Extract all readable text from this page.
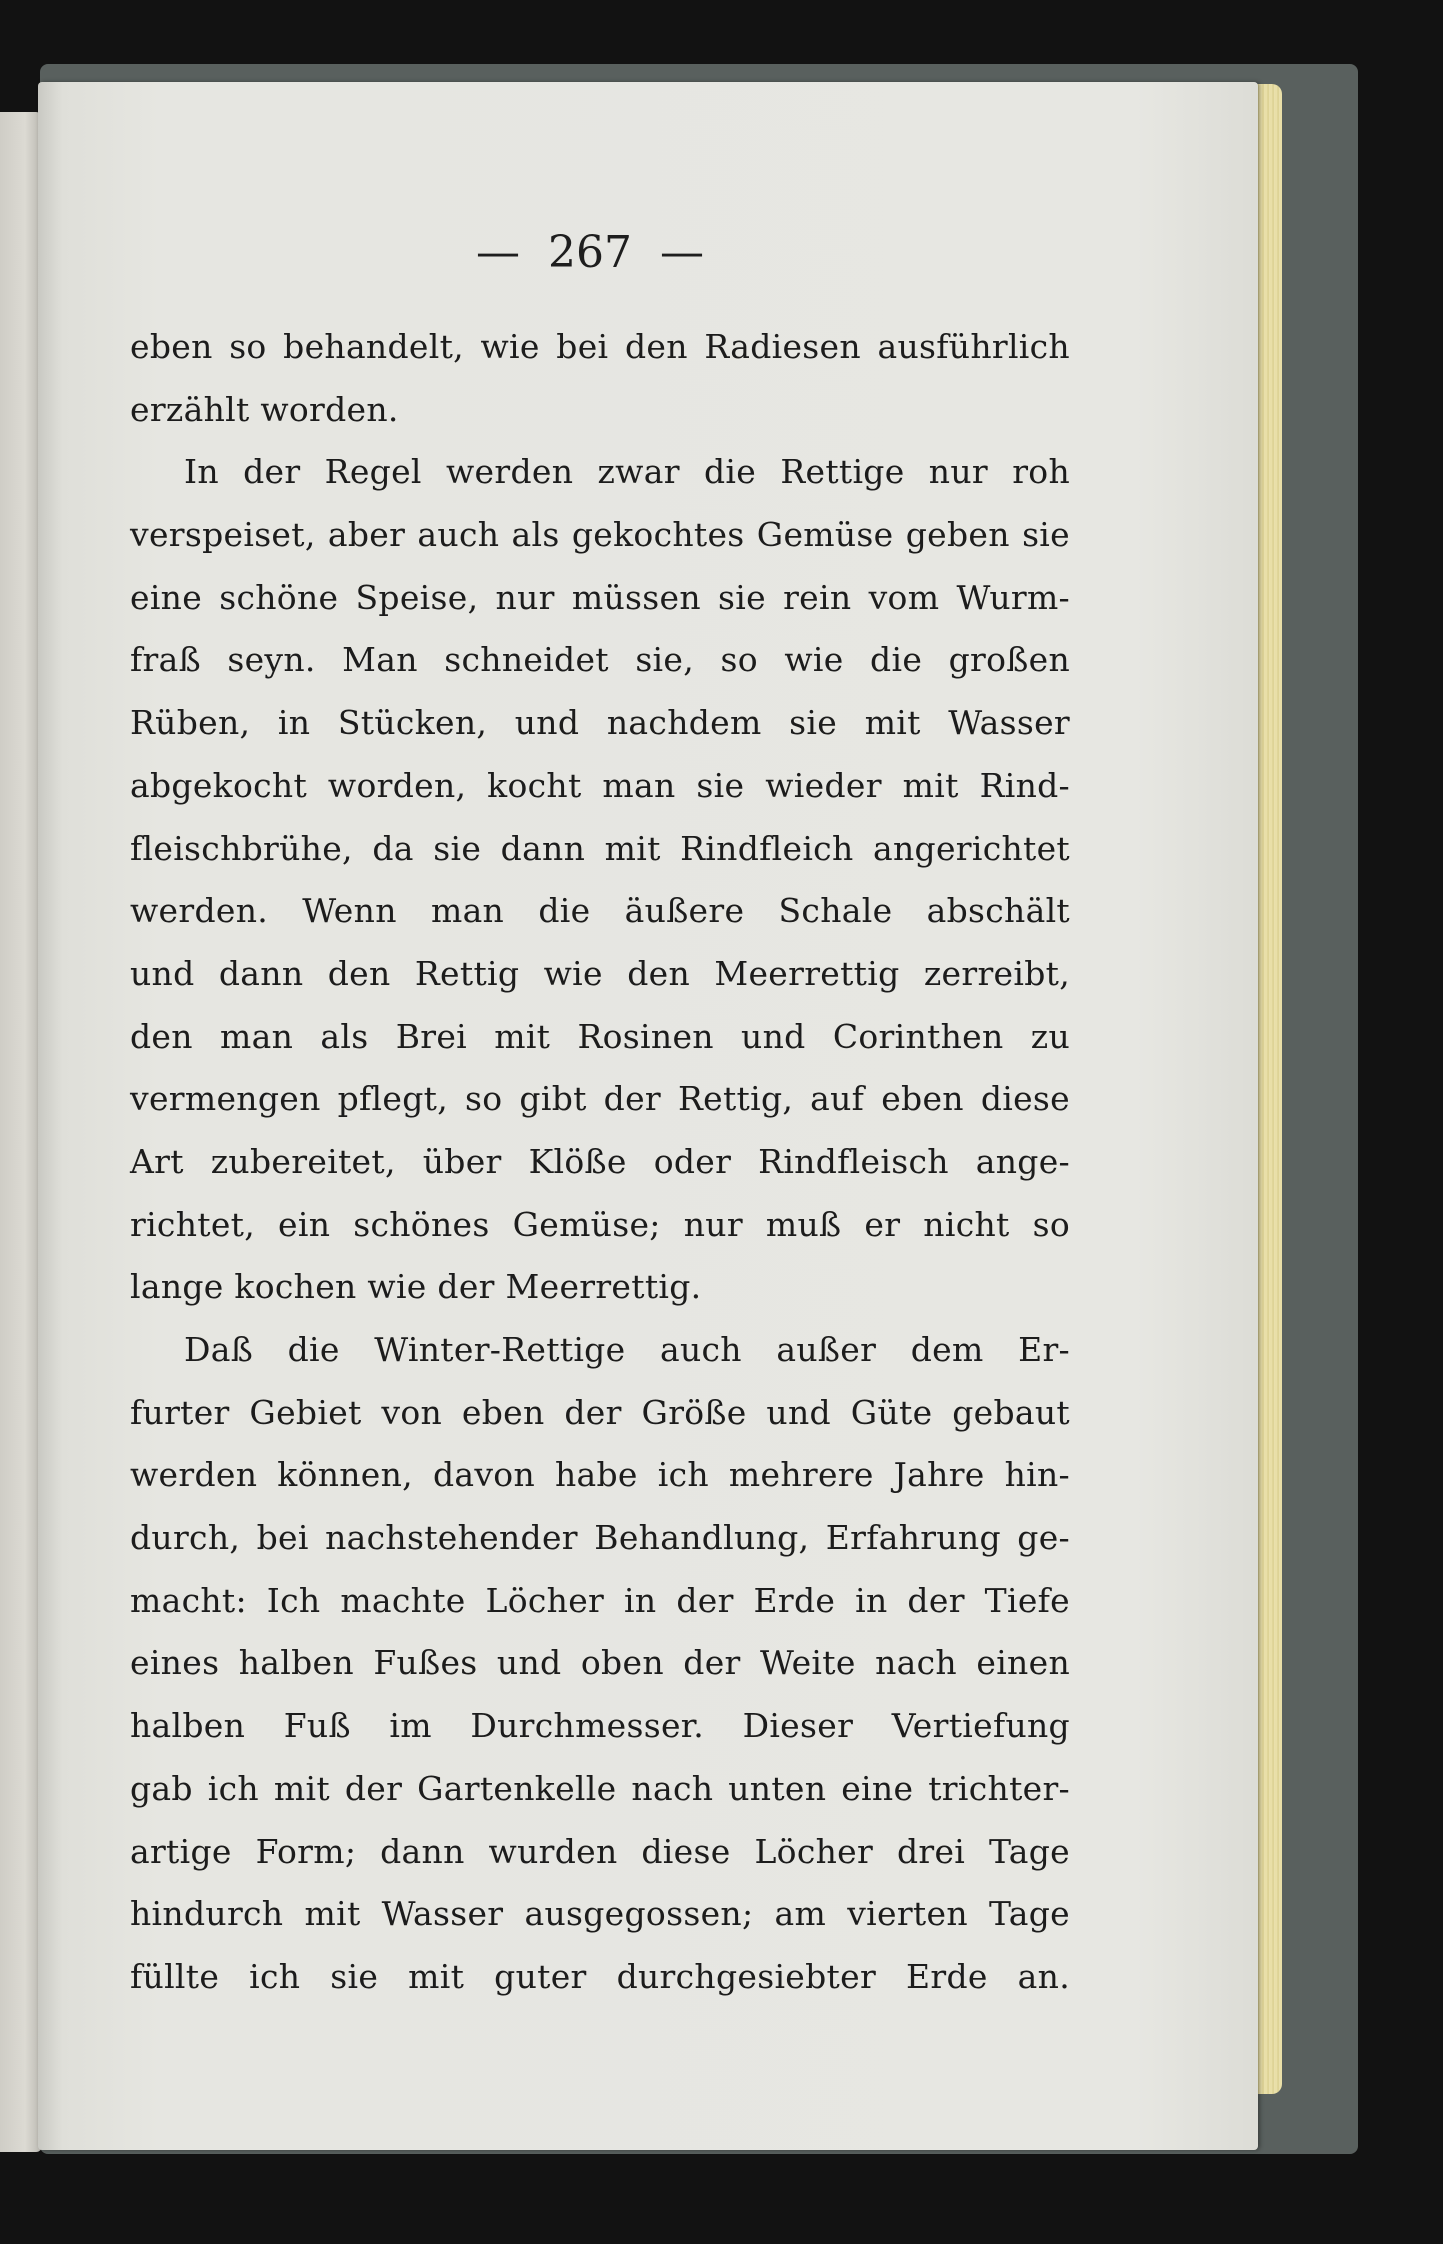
— 267 —
eben so behandelt, wie bei den Radiesen ausführlich
erzählt worden.
In der Regel werden zwar die Rettige nur roh
verspeiset, aber auch als gekochtes Gemüse geben sie
eine schöne Speise, nur müssen sie rein vom Wurm-
fraß seyn. Man schneidet sie, so wie die großen
Rüben, in Stücken, und nachdem sie mit Wasser
abgekocht worden, kocht man sie wieder mit Rind-
fleischbrühe, da sie dann mit Rindfleich angerichtet
werden. Wenn man die äußere Schale abschält
und dann den Rettig wie den Meerrettig zerreibt,
den man als Brei mit Rosinen und Corinthen zu
vermengen pflegt, so gibt der Rettig, auf eben diese
Art zubereitet, über Klöße oder Rindfleisch ange-
richtet, ein schönes Gemüse; nur muß er nicht so
lange kochen wie der Meerrettig.
Daß die Winter-Rettige auch außer dem Er-
furter Gebiet von eben der Größe und Güte gebaut
werden können, davon habe ich mehrere Jahre hin-
durch, bei nachstehender Behandlung, Erfahrung ge-
macht: Ich machte Löcher in der Erde in der Tiefe
eines halben Fußes und oben der Weite nach einen
halben Fuß im Durchmesser. Dieser Vertiefung
gab ich mit der Gartenkelle nach unten eine trichter-
artige Form; dann wurden diese Löcher drei Tage
hindurch mit Wasser ausgegossen; am vierten Tage
füllte ich sie mit guter durchgesiebter Erde an.
